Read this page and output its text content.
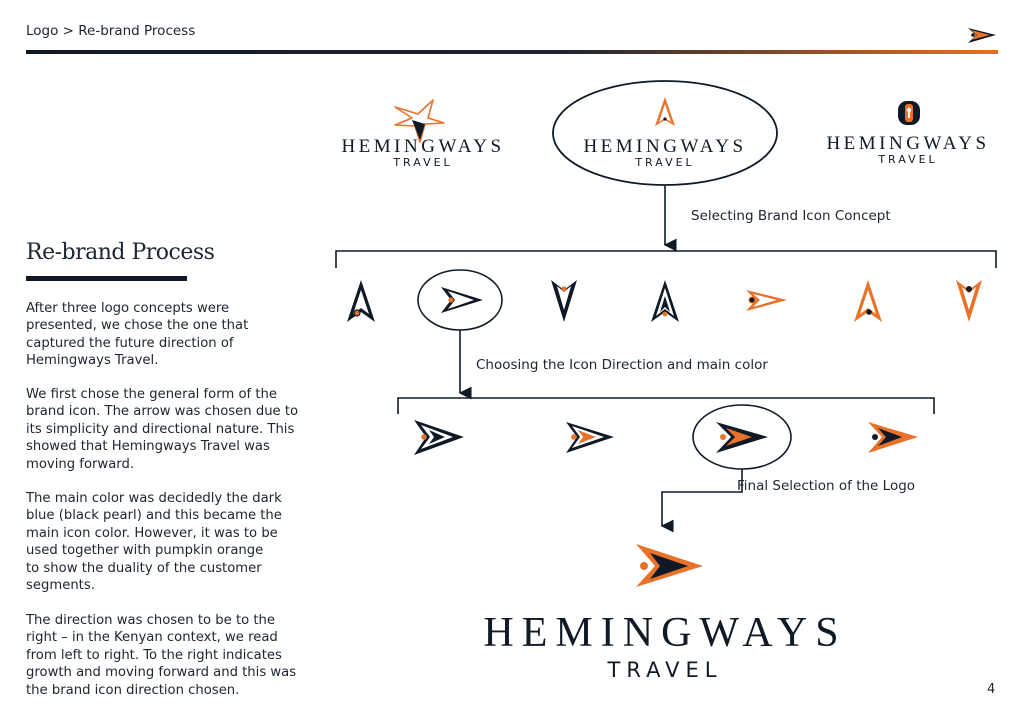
Logo > Re-brand Process
Re-brand Process

After three logo concepts were
presented, we chose the one that
captured the future direction of
Hemingways Travel.

We first chose the general form of the
brand icon. The arrow was chosen due to
its simplicity and directional nature. This
showed that Hemingways Travel was
moving forward.

The main color was decidedly the dark
blue (black pearl) and this became the
main icon color. However, it was to be
used together with pumpkin orange
to show the duality of the customer
segments.

The direction was chosen to be to the
right – in the Kenyan context, we read
from left to right. To the right indicates
growth and moving forward and this was
the brand icon direction chosen.	4
HEMINGWAYS
TRAVEL
HEMINGWAYS
TRAVEL
HEMINGWAYS
TRAVEL
Selecting Brand Icon Concept
Choosing the Icon Direction and main color
Final Selection of the Logo
HEMINGWAYS
TRAVEL
